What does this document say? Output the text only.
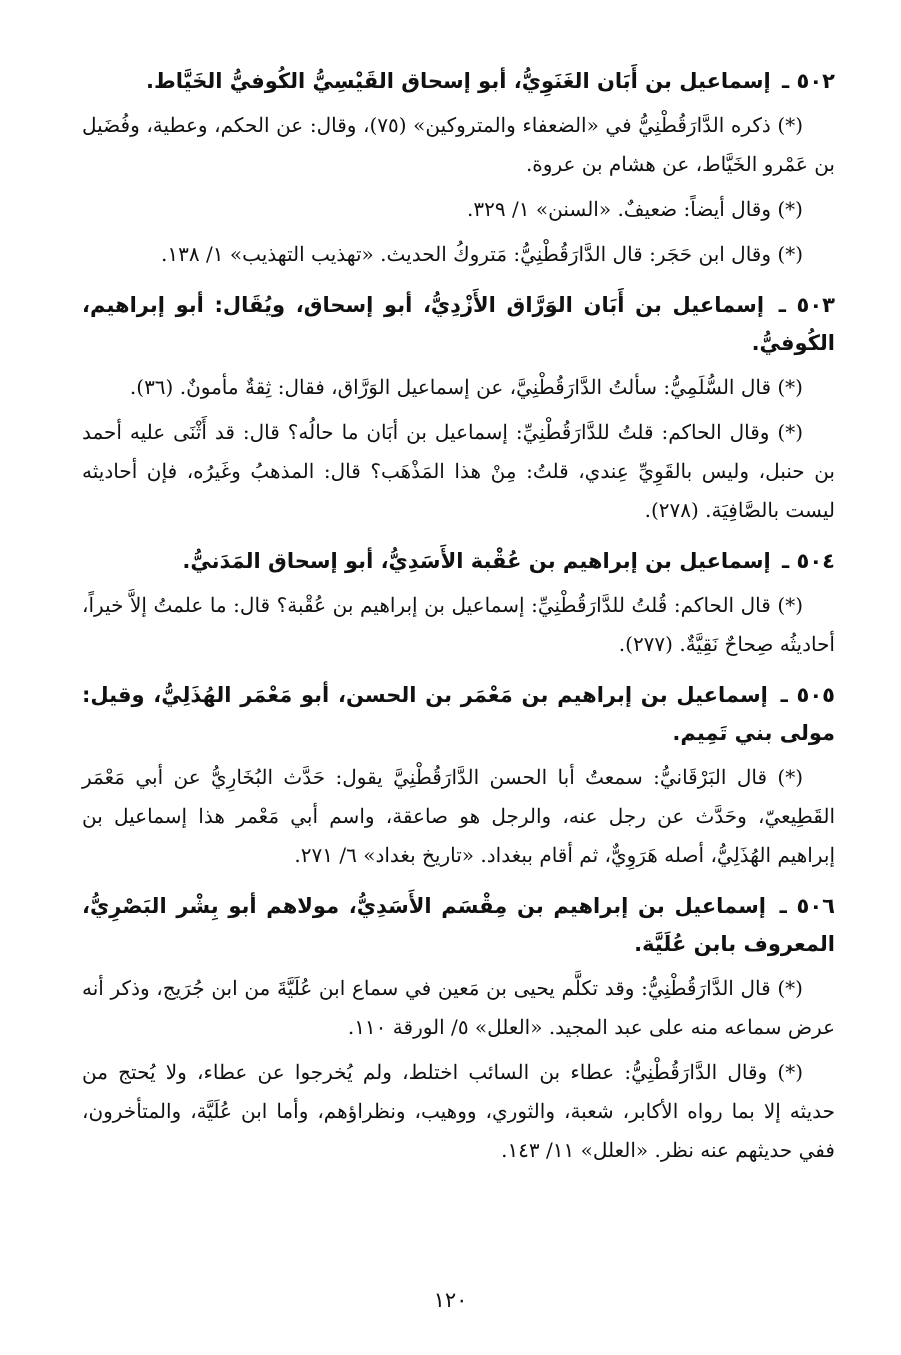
٥٠٢ ـ إسماعيل بن أَبَان الغَنَوِيُّ، أبو إسحاق القَيْسِيُّ الكُوفيُّ الخَيَّاط.

(*) ذكره الدَّارَقُطْنِيُّ في «الضعفاء والمتروكين» (٧٥)، وقال: عن الحكم، وعطية، وفُضَيل بن عَمْرو الخَيَّاط، عن هشام بن عروة.

(*) وقال أيضاً: ضعيفٌ. «السنن» ١/ ٣٢٩.

(*) وقال ابن حَجَر: قال الدَّارَقُطْنِيُّ: مَتروكُ الحديث. «تهذيب التهذيب» ١/ ١٣٨.

٥٠٣ ـ إسماعيل بن أَبَان الوَرَّاق الأَزْدِيُّ، أبو إسحاق، ويُقَال: أبو إبراهيم، الكُوفيُّ.

(*) قال السُّلَمِيُّ: سألتُ الدَّارَقُطْنِيَّ، عن إسماعيل الوَرَّاق، فقال: ثِقةٌ مأمونٌ. (٣٦).

(*) وقال الحاكم: قلتُ للدَّارَقُطْنِيِّ: إسماعيل بن أبَان ما حالُه؟ قال: قد أَثْنَى عليه أحمد بن حنبل، وليس بالقَوِيِّ عِندي، قلتُ: مِنْ هذا المَذْهَب؟ قال: المذهبُ وغَيرُه، فإن أحاديثه ليست بالصَّافِيَة. (٢٧٨).

٥٠٤ ـ إسماعيل بن إبراهيم بن عُقْبة الأَسَدِيُّ، أبو إسحاق المَدَنيُّ.

(*) قال الحاكم: قُلتُ للدَّارَقُطْنِيِّ: إسماعيل بن إبراهيم بن عُقْبة؟ قال: ما علمتُ إلاَّ خيراً، أحاديثُه صِحاحٌ نَقِيَّةٌ. (٢٧٧).

٥٠٥ ـ إسماعيل بن إبراهيم بن مَعْمَر بن الحسن، أبو مَعْمَر الهُذَلِيُّ، وقيل: مولى بني تَمِيم.

(*) قال البَرْقَانيُّ: سمعتُ أبا الحسن الدَّارَقُطْنِيَّ يقول: حَدَّث البُخَارِيُّ عن أبي مَعْمَر القَطِيعيّ، وحَدَّث عن رجل عنه، والرجل هو صاعقة، واسم أبي مَعْمر هذا إسماعيل بن إبراهيم الهُذَلِيُّ، أصله هَرَوِيٌّ، ثم أقام ببغداد. «تاريخ بغداد» ٦/ ٢٧١.

٥٠٦ ـ إسماعيل بن إبراهيم بن مِقْسَم الأَسَدِيُّ، مولاهم أبو بِشْر البَصْرِيُّ، المعروف بابن عُلَيَّة.

(*) قال الدَّارَقُطْنِيُّ: وقد تكلَّم يحيى بن مَعين في سماع ابن عُلَيَّةَ من ابن جُرَيج، وذكر أنه عرض سماعه منه على عبد المجيد. «العلل» ٥/ الورقة ١١٠.

(*) وقال الدَّارَقُطْنِيُّ: عطاء بن السائب اختلط، ولم يُخرجوا عن عطاء، ولا يُحتج من حديثه إلا بما رواه الأكابر، شعبة، والثوري، ووهيب، ونظراؤهم، وأما ابن عُلَيَّة، والمتأخرون، ففي حديثهم عنه نظر. «العلل» ١١/ ١٤٣.

١٢٠
